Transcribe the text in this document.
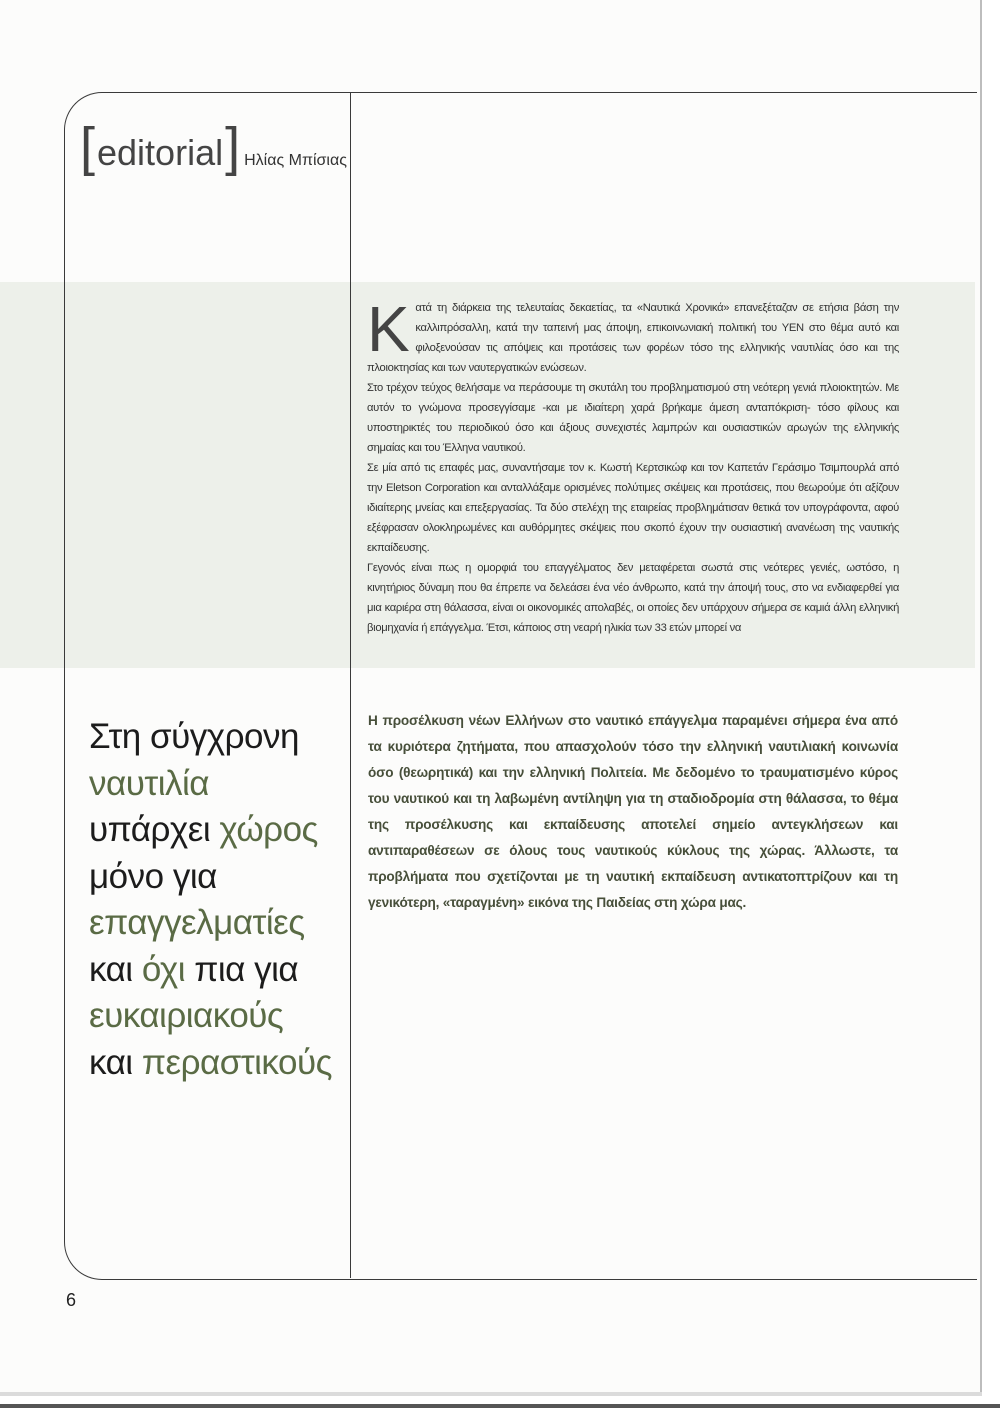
[ editorial ] Ηλίας Μπίσιας
Κ ατά τη διάρκεια της τελευταίας δεκαετίας, τα «Ναυτικά Χρονικά» επανεξέταζαν σε ετήσια βάση την καλλιπρόσαλλη, κατά την ταπεινή μας άποψη, επικοινωνιακή πολιτική του ΥΕΝ στο θέμα αυτό και φιλοξενούσαν τις απόψεις και προτάσεις των φορέων τόσο της ελληνικής ναυτιλίας όσο και της πλοιοκτησίας και των ναυτεργατικών ενώσεων.

Στο τρέχον τεύχος θελήσαμε να περάσουμε τη σκυτάλη του προβληματισμού στη νεότερη γενιά πλοιοκτητών. Με αυτόν το γνώμονα προσεγγίσαμε -και με ιδιαίτερη χαρά βρήκαμε άμεση ανταπόκριση- τόσο φίλους και υποστηρικτές του περιοδικού όσο και άξιους συνεχιστές λαμπρών και ουσιαστικών αρωγών της ελληνικής σημαίας και του Έλληνα ναυτικού.

Σε μία από τις επαφές μας, συναντήσαμε τον κ. Κωστή Κερτσικώφ και τον Καπετάν Γεράσιμο Τσιμπουρλά από την Eletson Corporation και ανταλλάξαμε ορισμένες πολύτιμες σκέψεις και προτάσεις, που θεωρούμε ότι αξίζουν ιδιαίτερης μνείας και επεξεργασίας. Τα δύο στελέχη της εταιρείας προβλημάτισαν θετικά τον υπογράφοντα, αφού εξέφρασαν ολοκληρωμένες και αυθόρμητες σκέψεις που σκοπό έχουν την ουσιαστική ανανέωση της ναυτικής εκπαίδευσης.

Γεγονός είναι πως η ομορφιά του επαγγέλματος δεν μεταφέρεται σωστά στις νεότερες γενιές, ωστόσο, η κινητήριος δύναμη που θα έπρεπε να δελεάσει ένα νέο άνθρωπο, κατά την άποψή τους, στο να ενδιαφερθεί για μια καριέρα στη θάλασσα, είναι οι οικονομικές απολαβές, οι οποίες δεν υπάρχουν σήμερα σε καμιά άλλη ελληνική βιομηχανία ή επάγγελμα. Έτσι, κάποιος στη νεαρή ηλικία των 33 ετών μπορεί να

Η προσέλκυση νέων Ελλήνων στο ναυτικό επάγγελμα παραμένει σήμερα ένα από τα κυριότερα ζητήματα, που απασχολούν τόσο την ελληνική ναυτιλιακή κοινωνία όσο (θεωρητικά) και την ελληνική Πολιτεία. Με δεδομένο το τραυματισμένο κύρος του ναυτικού και τη λαβωμένη αντίληψη για τη σταδιοδρομία στη θάλασσα, το θέμα της προσέλκυσης και εκπαίδευσης αποτελεί σημείο αντεγκλήσεων και αντιπαραθέσεων σε όλους τους ναυτικούς κύκλους της χώρας. Άλλωστε, τα προβλήματα που σχετίζονται με τη ναυτική εκπαίδευση αντικατοπτρίζουν και τη γενικότερη, «ταραγμένη» εικόνα της Παιδείας στη χώρα μας.
Στη σύγχρονη
ναυτιλία
υπάρχει χώρος
μόνο για
επαγγελματίες
και όχι πια για
ευκαιριακούς
και περαστικούς
6
